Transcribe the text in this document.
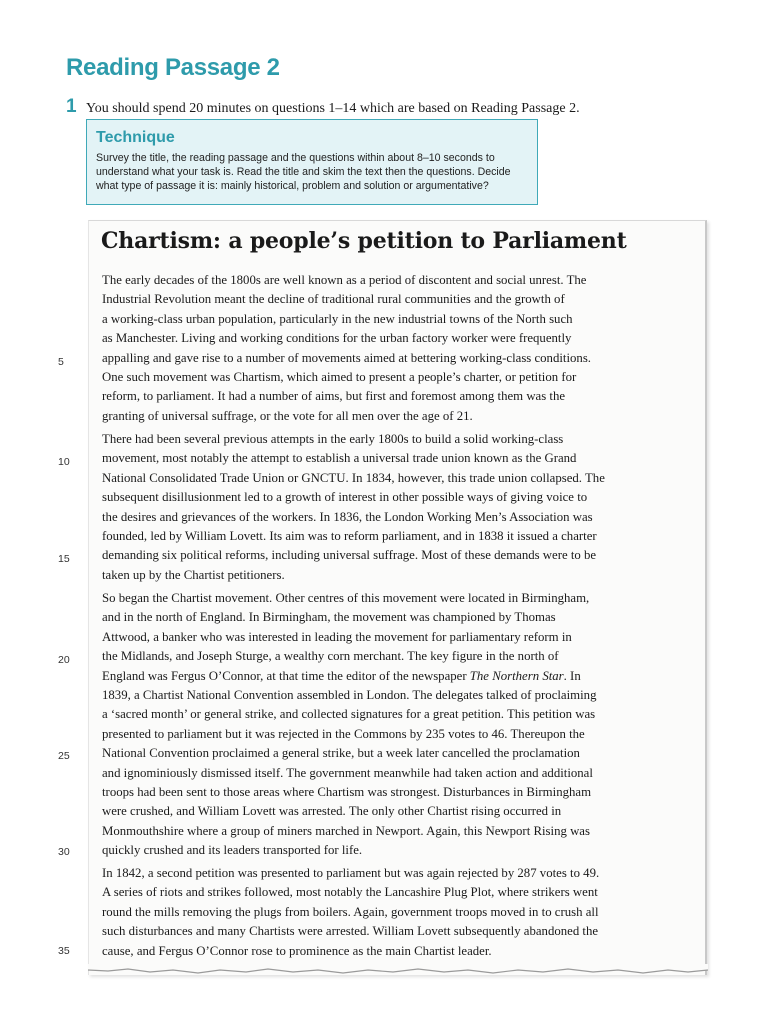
Reading Passage 2
1 You should spend 20 minutes on questions 1–14 which are based on Reading Passage 2.
Technique

Survey the title, the reading passage and the questions within about 8–10 seconds to
understand what your task is. Read the title and skim the text then the questions. Decide
what type of passage it is: mainly historical, problem and solution or argumentative?

Chartism: a people’s petition to Parliament
The early decades of the 1800s are well known as a period of discontent and social unrest. The
Industrial Revolution meant the decline of traditional rural communities and the growth of
a working-class urban population, particularly in the new industrial towns of the North such
as Manchester. Living and working conditions for the urban factory worker were frequently
appalling and gave rise to a number of movements aimed at bettering working-class conditions.
One such movement was Chartism, which aimed to present a people’s charter, or petition for
reform, to parliament. It had a number of aims, but first and foremost among them was the
granting of universal suffrage, or the vote for all men over the age of 21.
There had been several previous attempts in the early 1800s to build a solid working-class
movement, most notably the attempt to establish a universal trade union known as the Grand
National Consolidated Trade Union or GNCTU. In 1834, however, this trade union collapsed. The
subsequent disillusionment led to a growth of interest in other possible ways of giving voice to
the desires and grievances of the workers. In 1836, the London Working Men’s Association was
founded, led by William Lovett. Its aim was to reform parliament, and in 1838 it issued a charter
demanding six political reforms, including universal suffrage. Most of these demands were to be
taken up by the Chartist petitioners.
So began the Chartist movement. Other centres of this movement were located in Birmingham,
and in the north of England. In Birmingham, the movement was championed by Thomas
Attwood, a banker who was interested in leading the movement for parliamentary reform in
the Midlands, and Joseph Sturge, a wealthy corn merchant. The key figure in the north of
England was Fergus O’Connor, at that time the editor of the newspaper The Northern Star. In
1839, a Chartist National Convention assembled in London. The delegates talked of proclaiming
a ‘sacred month’ or general strike, and collected signatures for a great petition. This petition was
presented to parliament but it was rejected in the Commons by 235 votes to 46. Thereupon the
National Convention proclaimed a general strike, but a week later cancelled the proclamation
and ignominiously dismissed itself. The government meanwhile had taken action and additional
troops had been sent to those areas where Chartism was strongest. Disturbances in Birmingham
were crushed, and William Lovett was arrested. The only other Chartist rising occurred in
Monmouthshire where a group of miners marched in Newport. Again, this Newport Rising was
quickly crushed and its leaders transported for life.
In 1842, a second petition was presented to parliament but was again rejected by 287 votes to 49.
A series of riots and strikes followed, most notably the Lancashire Plug Plot, where strikers went
round the mills removing the plugs from boilers. Again, government troops moved in to crush all
such disturbances and many Chartists were arrested. William Lovett subsequently abandoned the
cause, and Fergus O’Connor rose to prominence as the main Chartist leader.
5
10
15
20
25
30
35
